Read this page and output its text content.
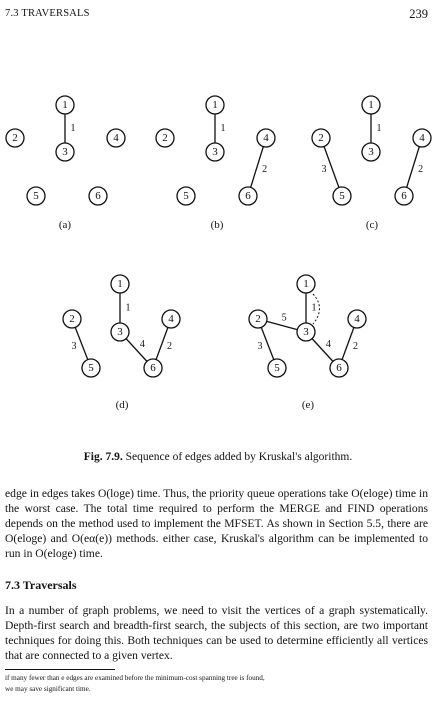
7.3 TRAVERSALS	239
1
1
2
3
4
5	6
(a)
1
2
1
2
3
4
5	6
(b)
1
2
3
1
2
3
4
5	6
(c)
1
2
3	4
1
2
3
4
5	6
(d)
1
2
3	4
5
1
2
3
4
5	6
(e)
Fig. 7.9. Sequence of edges added by Kruskal's algorithm.
edge in edges takes O(loge) time. Thus, the priority queue operations take O(eloge) time in the worst case. The total time required to perform the MERGE and FIND operations depends on the method used to implement the MFSET. As shown in Section 5.5, there are O(eloge) and O(eα(e)) methods. either case, Kruskal's algorithm can be implemented to run in O(eloge) time.
7.3 Traversals
In a number of graph problems, we need to visit the vertices of a graph systematically. Depth-first search and breadth-first search, the subjects of this section, are two important techniques for doing this. Both techniques can be used to determine efficiently all vertices that are connected to a given vertex.
if many fewer than e edges are examined before the minimum-cost spanning tree is found,
we may save significant time.
